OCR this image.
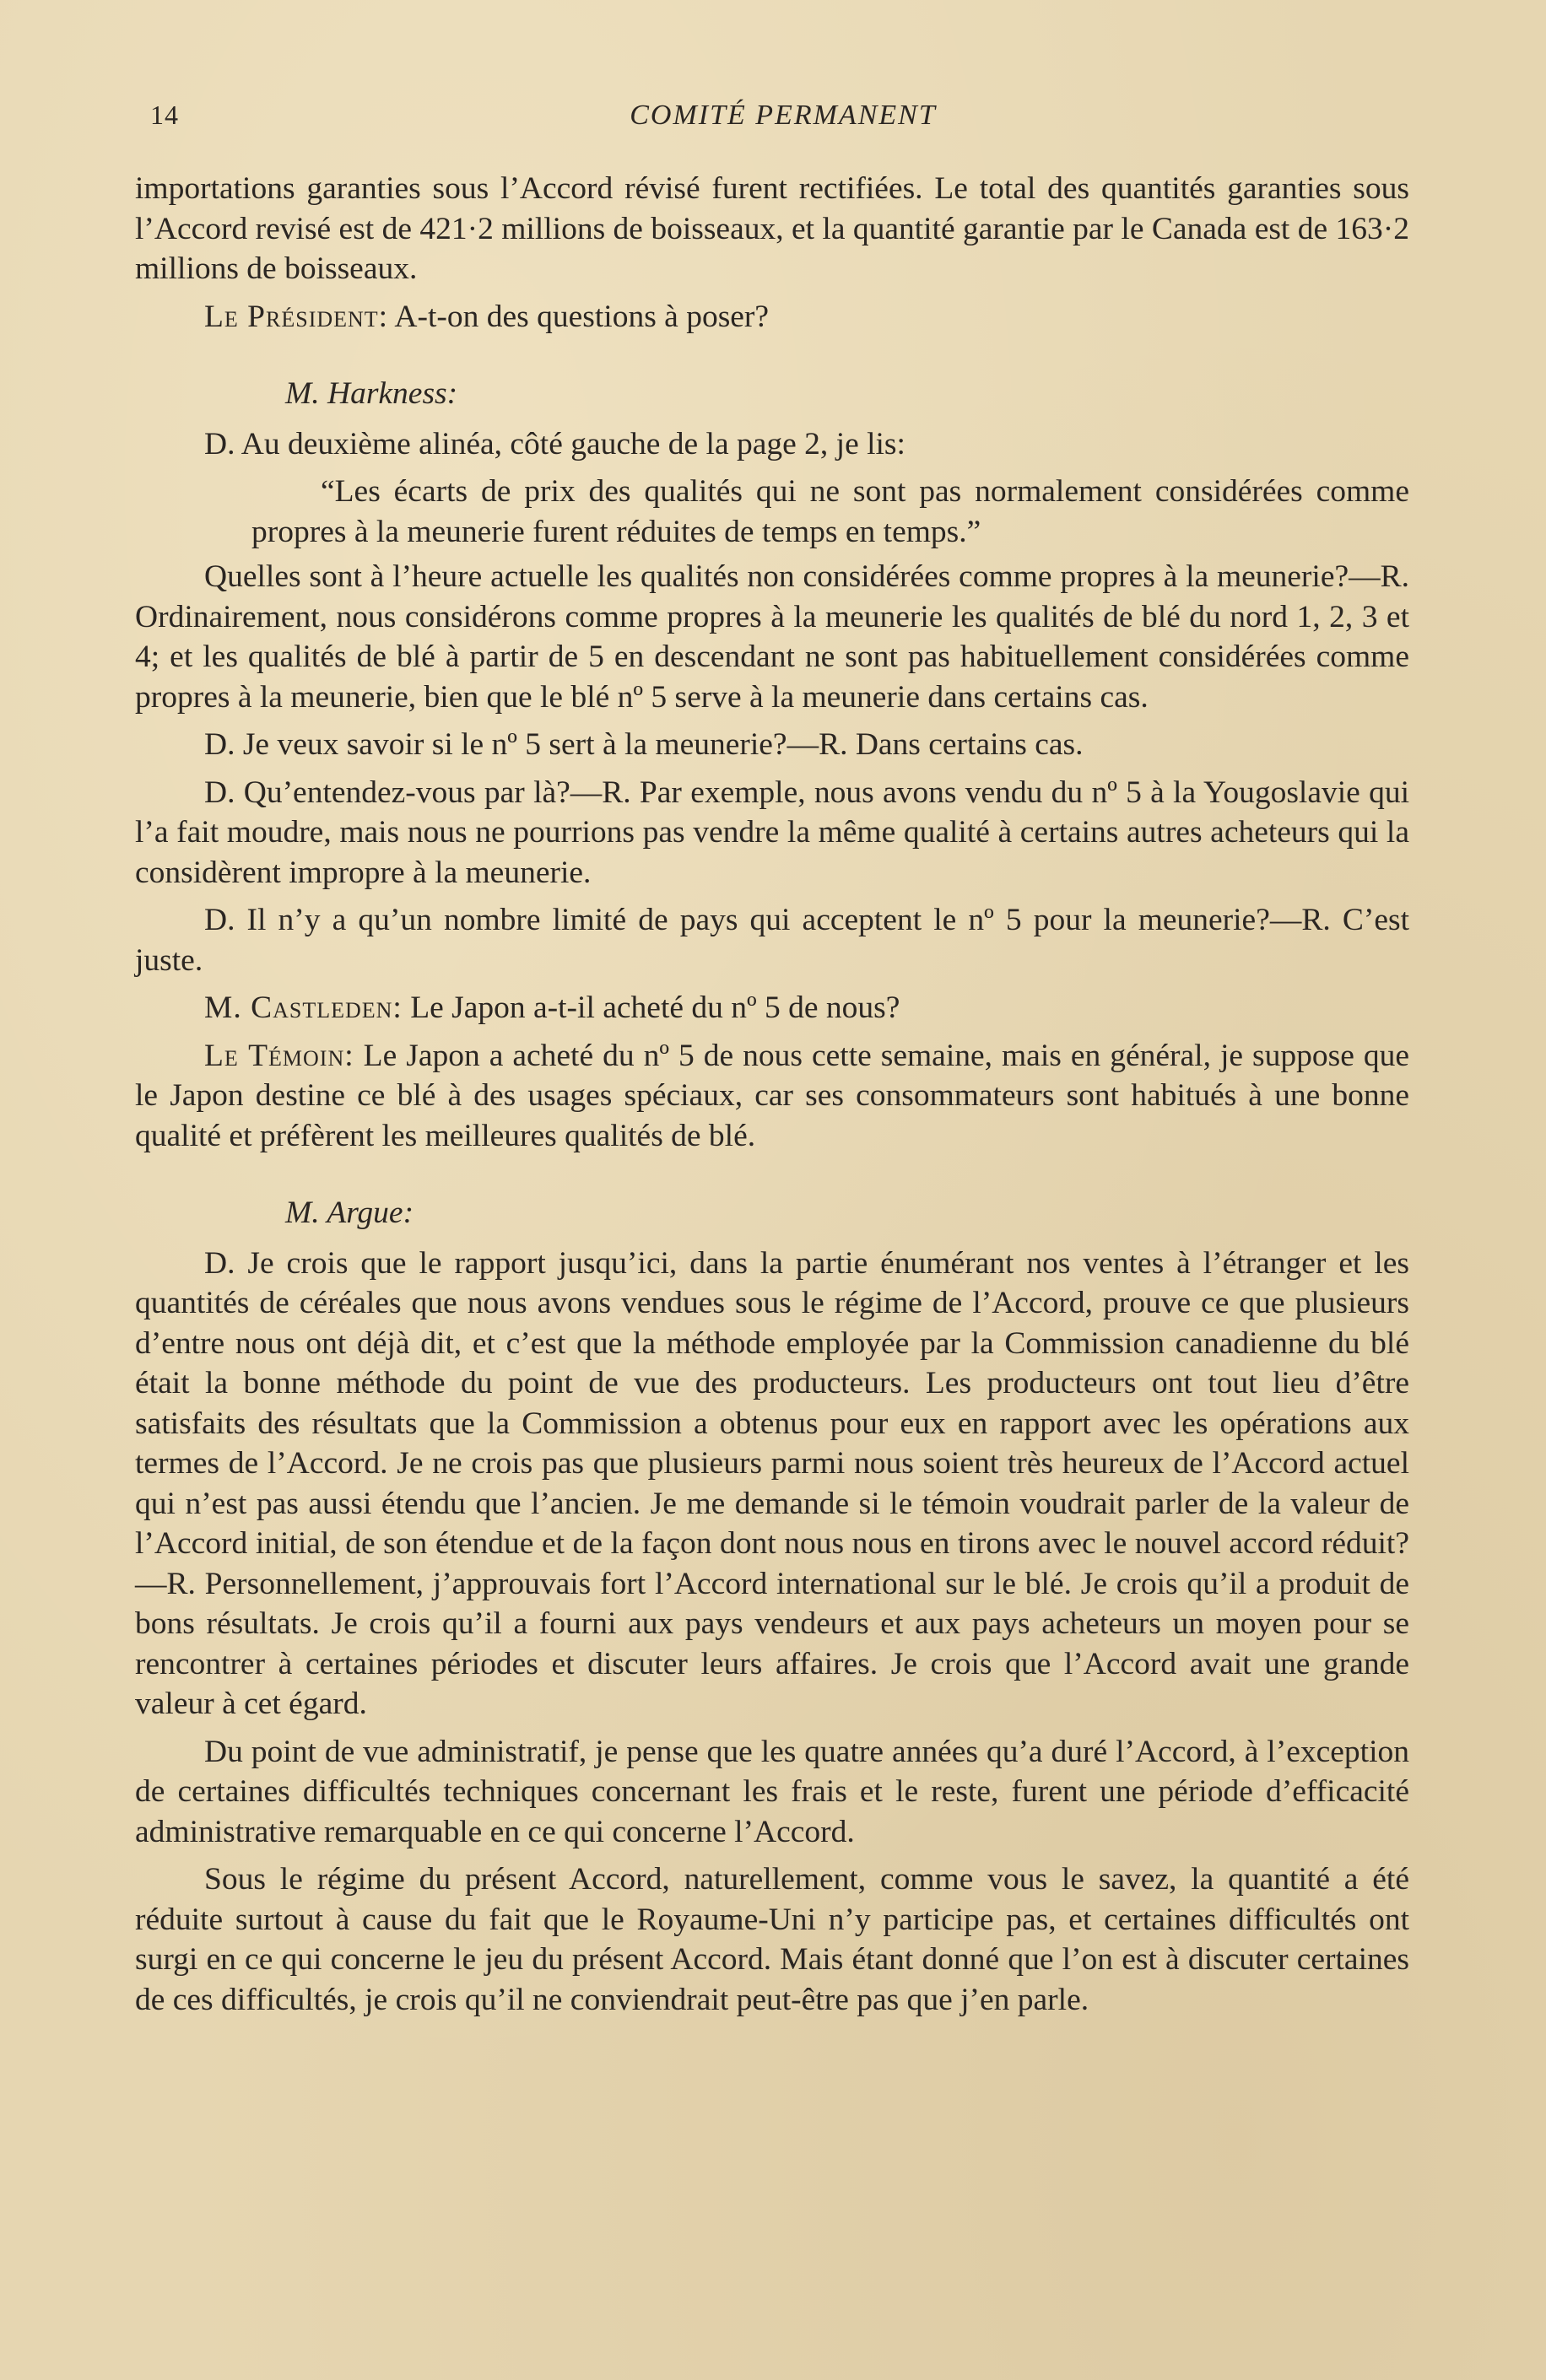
14	COMITÉ PERMANENT

importations garanties sous l’Accord révisé furent rectifiées. Le total des quantités garanties sous l’Accord revisé est de 421·2 millions de boisseaux, et la quantité garantie par le Canada est de 163·2 millions de boisseaux.

Le Président: A-t-on des questions à poser?

M. Harkness:

D. Au deuxième alinéa, côté gauche de la page 2, je lis:

“Les écarts de prix des qualités qui ne sont pas normalement considérées comme propres à la meunerie furent réduites de temps en temps.”

Quelles sont à l’heure actuelle les qualités non considérées comme propres à la meunerie?—R. Ordinairement, nous considérons comme propres à la meunerie les qualités de blé du nord 1, 2, 3 et 4; et les qualités de blé à partir de 5 en descendant ne sont pas habituellement considérées comme propres à la meunerie, bien que le blé nº 5 serve à la meunerie dans certains cas.

D. Je veux savoir si le nº 5 sert à la meunerie?—R. Dans certains cas.

D. Qu’entendez-vous par là?—R. Par exemple, nous avons vendu du nº 5 à la Yougoslavie qui l’a fait moudre, mais nous ne pourrions pas vendre la même qualité à certains autres acheteurs qui la considèrent impropre à la meunerie.

D. Il n’y a qu’un nombre limité de pays qui acceptent le nº 5 pour la meunerie?—R. C’est juste.

M. Castleden: Le Japon a-t-il acheté du nº 5 de nous?

Le Témoin: Le Japon a acheté du nº 5 de nous cette semaine, mais en général, je suppose que le Japon destine ce blé à des usages spéciaux, car ses consommateurs sont habitués à une bonne qualité et préfèrent les meilleures qualités de blé.

M. Argue:

D. Je crois que le rapport jusqu’ici, dans la partie énumérant nos ventes à l’étranger et les quantités de céréales que nous avons vendues sous le régime de l’Accord, prouve ce que plusieurs d’entre nous ont déjà dit, et c’est que la méthode employée par la Commission canadienne du blé était la bonne méthode du point de vue des producteurs. Les producteurs ont tout lieu d’être satisfaits des résultats que la Commission a obtenus pour eux en rapport avec les opérations aux termes de l’Accord. Je ne crois pas que plusieurs parmi nous soient très heureux de l’Accord actuel qui n’est pas aussi étendu que l’ancien. Je me demande si le témoin voudrait parler de la valeur de l’Accord initial, de son étendue et de la façon dont nous nous en tirons avec le nouvel accord réduit?—R. Personnellement, j’approuvais fort l’Accord international sur le blé. Je crois qu’il a produit de bons résultats. Je crois qu’il a fourni aux pays vendeurs et aux pays acheteurs un moyen pour se rencontrer à certaines périodes et discuter leurs affaires. Je crois que l’Accord avait une grande valeur à cet égard.

Du point de vue administratif, je pense que les quatre années qu’a duré l’Accord, à l’exception de certaines difficultés techniques concernant les frais et le reste, furent une période d’efficacité administrative remarquable en ce qui concerne l’Accord.

Sous le régime du présent Accord, naturellement, comme vous le savez, la quantité a été réduite surtout à cause du fait que le Royaume-Uni n’y participe pas, et certaines difficultés ont surgi en ce qui concerne le jeu du présent Accord. Mais étant donné que l’on est à discuter certaines de ces difficultés, je crois qu’il ne conviendrait peut-être pas que j’en parle.
